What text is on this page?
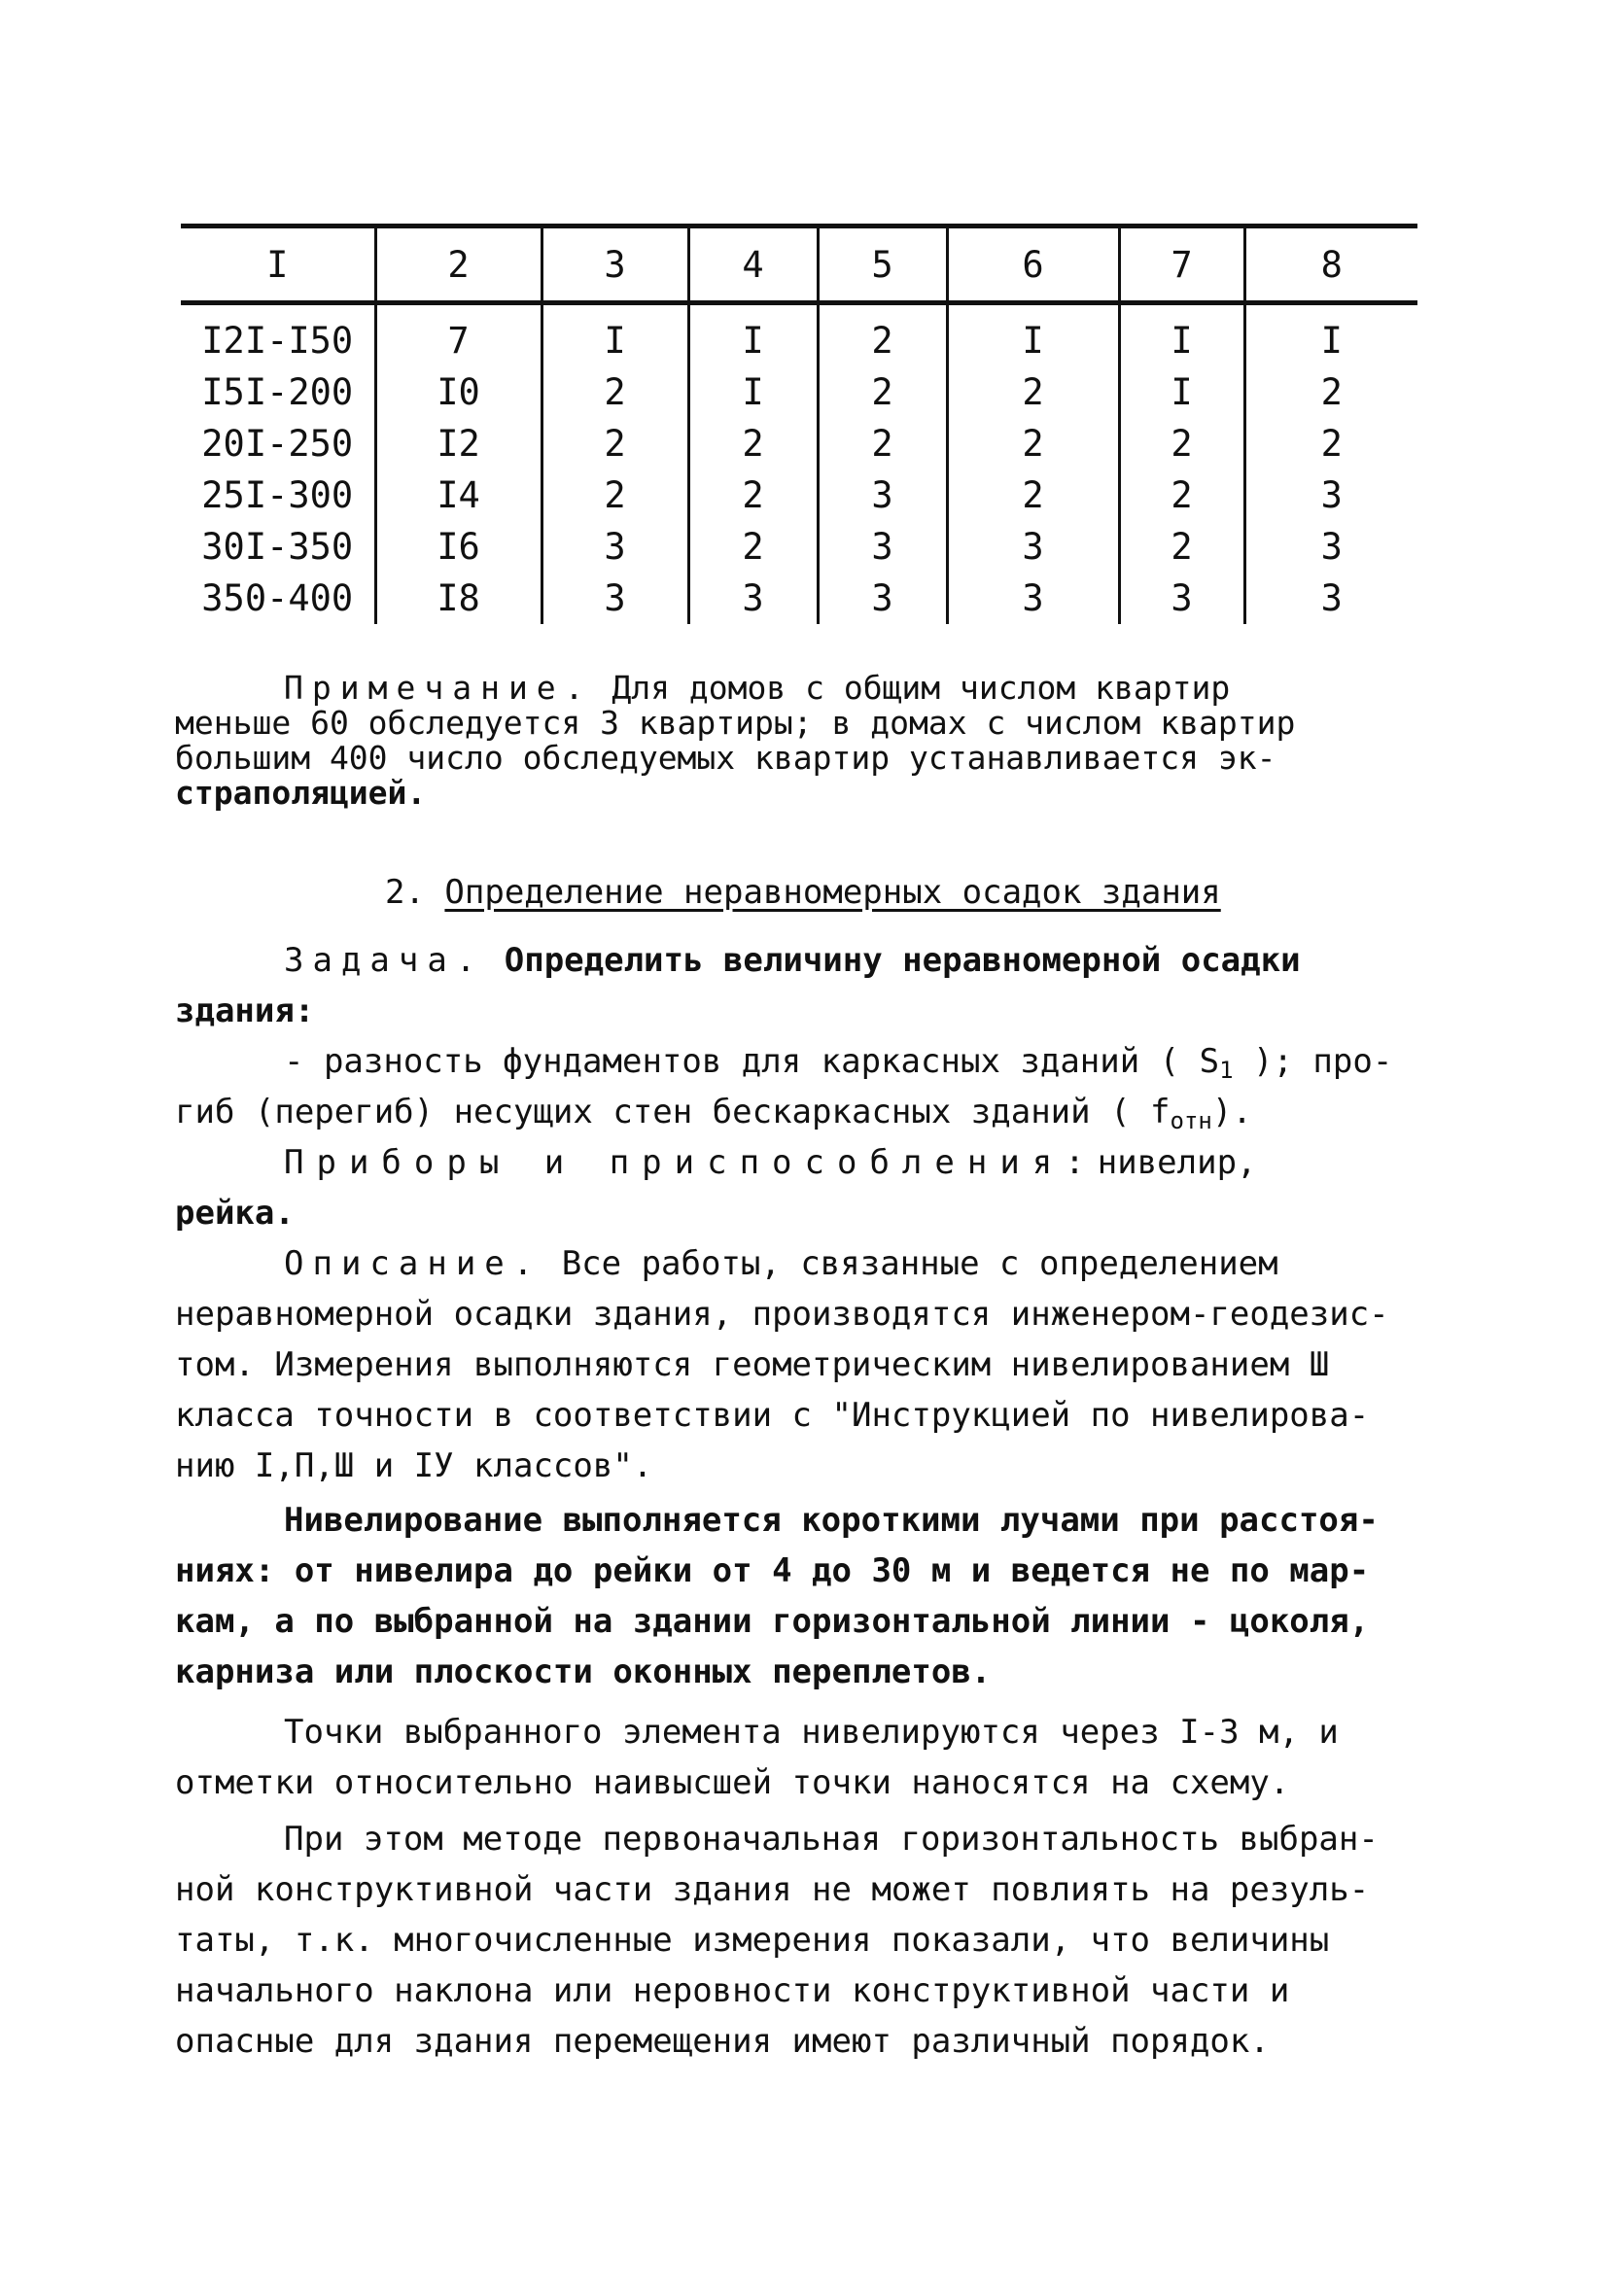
I	2	3	4	5	6	7	8
I2I-I50	7	I	I	2	I	I	I
I5I-200	I0	2	I	2	2	I	2
20I-250	I2	2	2	2	2	2	2
25I-300	I4	2	2	3	2	2	3
30I-350	I6	3	2	3	3	2	3
350-400	I8	3	3	3	3	3	3

Примечание. Для домов с общим числом квартир

меньше 60 обследуется 3 квартиры; в домах с числом квартир

большим 400 число обследуемых квартир устанавливается эк-

страполяцией.

2. Определение неравномерных осадок здания

Задача. Определить величину неравномерной осадки

здания:

- разность фундаментов для каркасных зданий ( $S_1$ ); про-

гиб (перегиб) несущих стен бескаркасных зданий ( $f_{отн}$).

Приборы и приспособления:нивелир,

рейка.

Описание. Все работы, связанные с определением

неравномерной осадки здания, производятся инженером-геодезис-

том. Измерения выполняются геометрическим нивелированием Ш

класса точности в соответствии с "Инструкцией по нивелирова-

нию I,П,Ш и IУ классов".

Нивелирование выполняется короткими лучами при расстоя-

ниях: от нивелира до рейки от 4 до 30 м и ведется не по мар-

кам, а по выбранной на здании горизонтальной линии - цоколя,

карниза или плоскости оконных переплетов.

Точки выбранного элемента нивелируются через I-3 м, и

отметки относительно наивысшей точки наносятся на схему.

При этом методе первоначальная горизонтальность выбран-

ной конструктивной части здания не может повлиять на резуль-

таты, т.к. многочисленные измерения показали, что величины

начального наклона или неровности конструктивной части и

опасные для здания перемещения имеют различный порядок.
